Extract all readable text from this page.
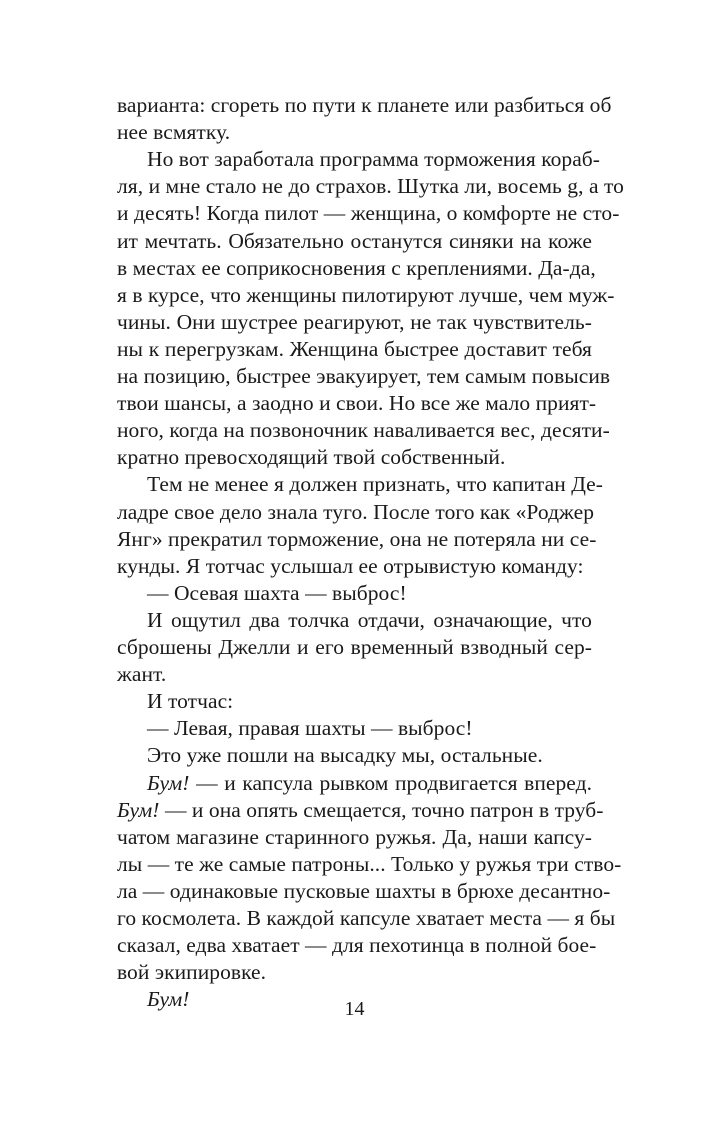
варианта: сгореть по пути к планете или разбиться об
нее всмятку.
Но вот заработала программа торможения кораб-
ля, и мне стало не до страхов. Шутка ли, восемь g, а то
и десять! Когда пилот — женщина, о комфорте не сто-
ит мечтать. Обязательно останутся синяки на коже
в местах ее соприкосновения с креплениями. Да-да,
я в курсе, что женщины пилотируют лучше, чем муж-
чины. Они шустрее реагируют, не так чувствитель-
ны к перегрузкам. Женщина быстрее доставит тебя
на позицию, быстрее эвакуирует, тем самым повысив
твои шансы, а заодно и свои. Но все же мало прият-
ного, когда на позвоночник наваливается вес, десяти-
кратно превосходящий твой собственный.
Тем не менее я должен признать, что капитан Де-
ладре свое дело знала туго. После того как «Роджер
Янг» прекратил торможение, она не потеряла ни се-
кунды. Я тотчас услышал ее отрывистую команду:
— Осевая шахта — выброс!
И ощутил два толчка отдачи, означающие, что
сброшены Джелли и его временный взводный сер-
жант.
И тотчас:
— Левая, правая шахты — выброс!
Это уже пошли на высадку мы, остальные.
Бум! — и капсула рывком продвигается вперед.
Бум! — и она опять смещается, точно патрон в труб-
чатом магазине старинного ружья. Да, наши капсу-
лы — те же самые патроны... Только у ружья три ство-
ла — одинаковые пусковые шахты в брюхе десантно-
го космолета. В каждой капсуле хватает места — я бы
сказал, едва хватает — для пехотинца в полной бое-
вой экипировке.
Бум!	14
